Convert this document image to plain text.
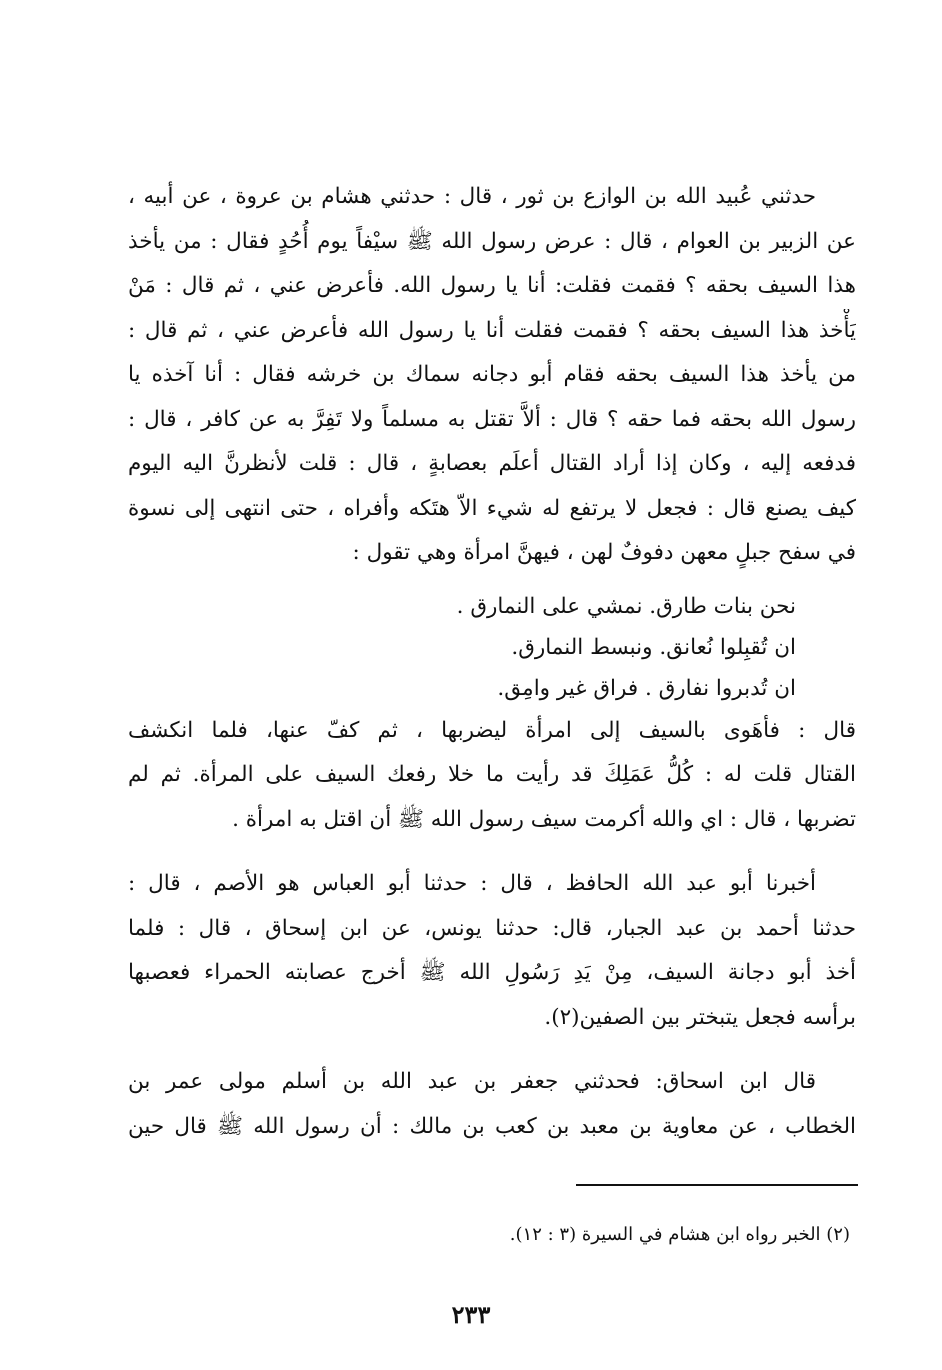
حدثني عُبيد الله بن الوازع بن ثور ، قال : حدثني هشام بن عروة ، عن أبيه ،
عن الزبير بن العوام ، قال : عرض رسول الله ﷺ سيْفاً يوم أُحُدٍ فقال : من يأخذ
هذا السيف بحقه ؟ فقمت فقلت: أنا يا رسول الله. فأعرض عني ، ثم قال : مَنْ
يَأْخذ هذا السيف بحقه ؟ فقمت فقلت أنا يا رسول الله فأعرض عني ، ثم قال :
من يأخذ هذا السيف بحقه فقام أبو دجانه سماك بن خرشه فقال : أنا آخذه يا
رسول الله بحقه فما حقه ؟ قال : ألاَّ تقتل به مسلماً ولا تَفِرَّ به عن كافر ، قال :
فدفعه إليه ، وكان إذا أراد القتال أعلَم بعصابةٍ ، قال : قلت لأنظرنَّ اليه اليوم
كيف يصنع قال : فجعل لا يرتفع له شيء الاّ هتَكه وأفراه ، حتى انتهى إلى نسوة
في سفح جبلٍ معهن دفوفٌ لهن ، فيهنَّ امرأة وهي تقول :
نحن بنات طارق. نمشي على النمارق .
ان تُقبِلوا نُعانق. ونبسط النمارق.
ان تُدبروا نفارق . فراق غير وامِق.
قال : فأهَوى بالسيف إلى امرأة ليضربها ، ثم كفّ عنها، فلما انكشف
القتال قلت له : كُلُّ عَمَلِكَ قد رأيت ما خلا رفعك السيف على المرأة. ثم لم
تضربها ، قال : اي والله أكرمت سيف رسول الله ﷺ أن اقتل به امرأة .
أخبرنا أبو عبد الله الحافظ ، قال : حدثنا أبو العباس هو الأصم ، قال :
حدثنا أحمد بن عبد الجبار، قال: حدثنا يونس، عن ابن إسحاق ، قال : فلما
أخذ أبو دجانة السيف، مِنْ يَدِ رَسُولِ الله ﷺ أخرج عصابته الحمراء فعصبها
برأسه فجعل يتبختر بين الصفين(٢).
قال ابن اسحاق: فحدثني جعفر بن عبد الله بن أسلم مولى عمر بن
الخطاب ، عن معاوية بن معبد بن كعب بن مالك : أن رسول الله ﷺ قال حين
(٢) الخبر رواه ابن هشام في السيرة (٣ : ١٢).
٢٣٣
